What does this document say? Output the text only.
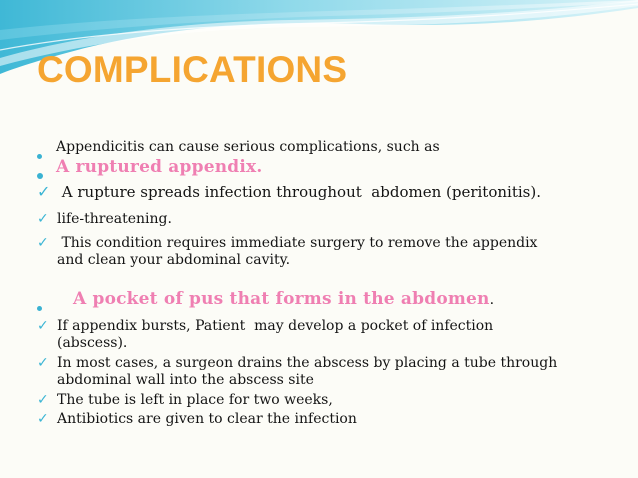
COMPLICATIONS
Appendicitis can cause serious complications, such as
A ruptured appendix.
✓ A rupture spreads infection throughout  abdomen (peritonitis).
✓ life-threatening.
✓ This condition requires immediate surgery to remove the appendix
and clean your abdominal cavity.
A pocket of pus that forms in the abdomen .
✓ If appendix bursts, Patient  may develop a pocket of infection
(abscess).
✓ In most cases, a surgeon drains the abscess by placing a tube through
abdominal wall into the abscess site
✓ The tube is left in place for two weeks,
✓ Antibiotics are given to clear the infection
